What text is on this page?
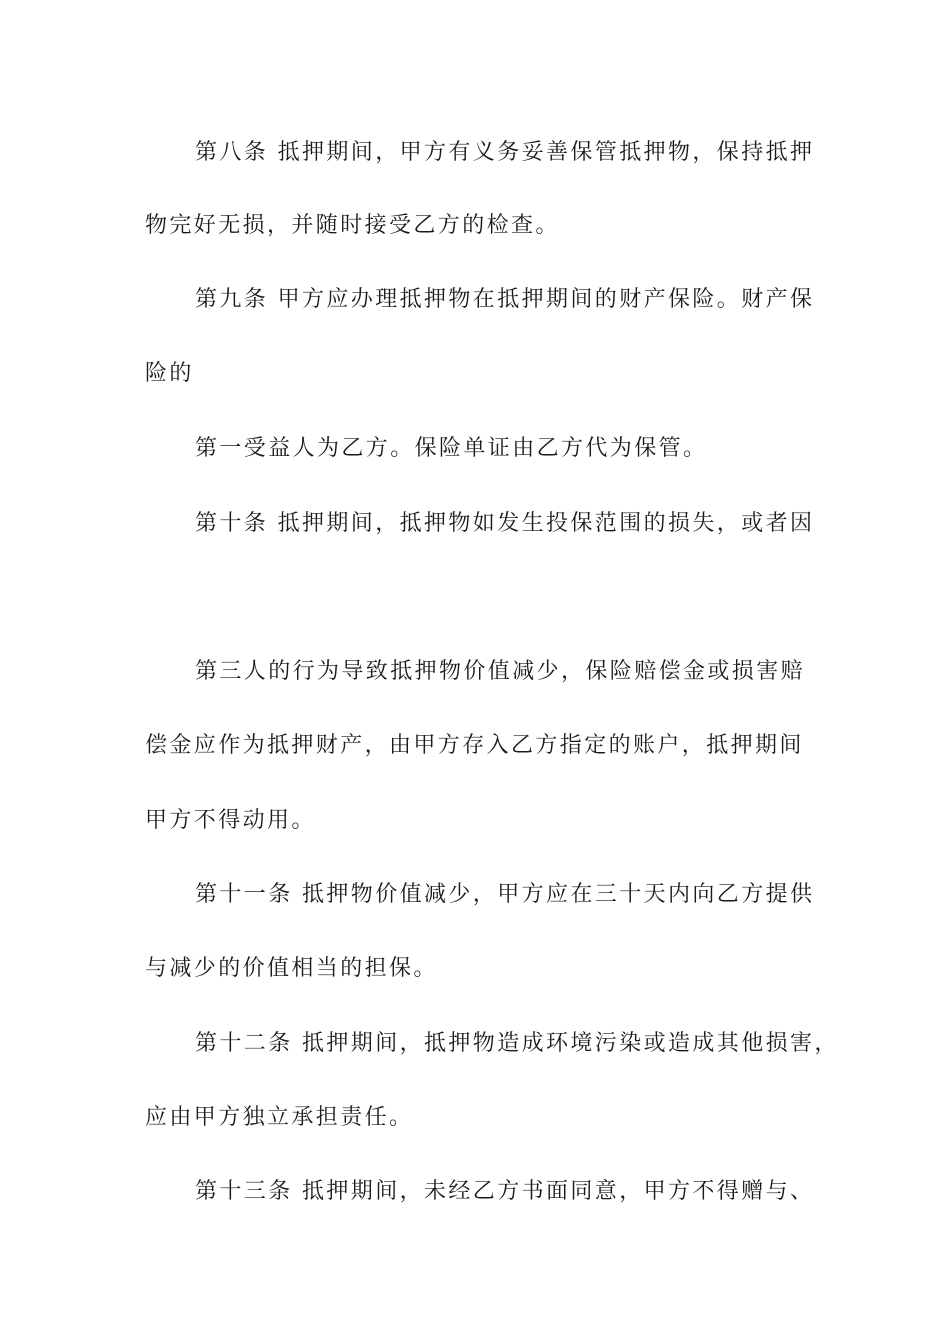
第八条 抵押期间，甲方有义务妥善保管抵押物，保持抵押
物完好无损，并随时接受乙方的检查。
第九条 甲方应办理抵押物在抵押期间的财产保险。财产保
险的
第一受益人为乙方。保险单证由乙方代为保管。
第十条 抵押期间，抵押物如发生投保范围的损失，或者因
第三人的行为导致抵押物价值减少，保险赔偿金或损害赔
偿金应作为抵押财产，由甲方存入乙方指定的账户，抵押期间
甲方不得动用。
第十一条 抵押物价值减少，甲方应在三十天内向乙方提供
与减少的价值相当的担保。
第十二条 抵押期间，抵押物造成环境污染或造成其他损害，
应由甲方独立承担责任。
第十三条 抵押期间，未经乙方书面同意，甲方不得赠与、
